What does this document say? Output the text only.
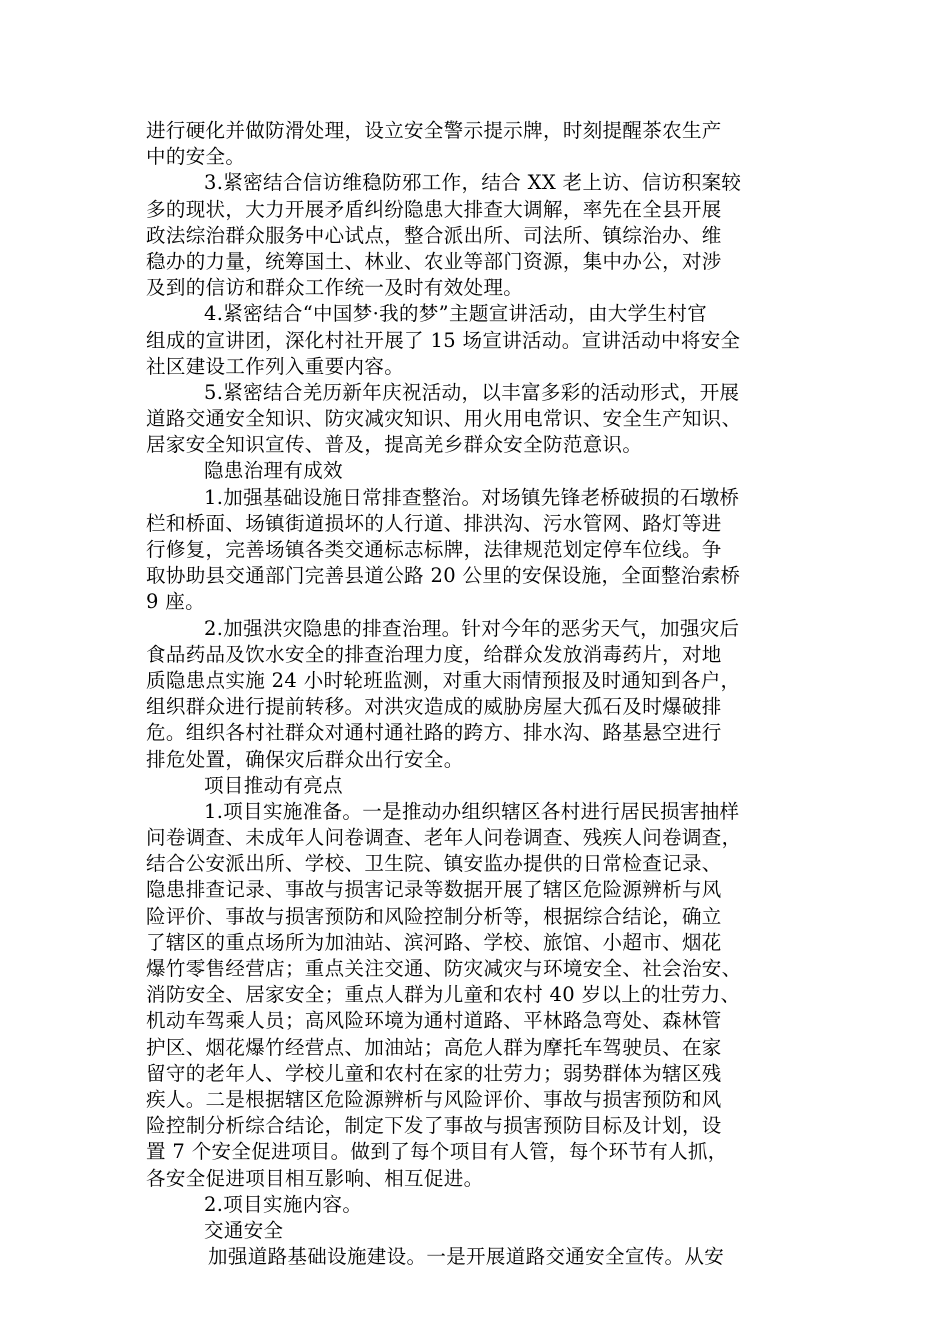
进行硬化并做防滑处理，设立安全警示提示牌，时刻提醒茶农生产
中的安全。
3.紧密结合信访维稳防邪工作，结合 XX 老上访、信访积案较
多的现状，大力开展矛盾纠纷隐患大排查大调解，率先在全县开展
政法综治群众服务中心试点，整合派出所、司法所、镇综治办、维
稳办的力量，统筹国土、林业、农业等部门资源，集中办公，对涉
及到的信访和群众工作统一及时有效处理。
4.紧密结合“中国梦·我的梦”主题宣讲活动，由大学生村官
组成的宣讲团，深化村社开展了 15 场宣讲活动。宣讲活动中将安全
社区建设工作列入重要内容。
5.紧密结合羌历新年庆祝活动，以丰富多彩的活动形式，开展
道路交通安全知识、防灾减灾知识、用火用电常识、安全生产知识、
居家安全知识宣传、普及，提高羌乡群众安全防范意识。
隐患治理有成效
1.加强基础设施日常排查整治。对场镇先锋老桥破损的石墩桥
栏和桥面、场镇街道损坏的人行道、排洪沟、污水管网、路灯等进
行修复，完善场镇各类交通标志标牌，法律规范划定停车位线。争
取协助县交通部门完善县道公路 20 公里的安保设施，全面整治索桥
9 座。
2.加强洪灾隐患的排查治理。针对今年的恶劣天气，加强灾后
食品药品及饮水安全的排查治理力度，给群众发放消毒药片，对地
质隐患点实施 24 小时轮班监测，对重大雨情预报及时通知到各户，
组织群众进行提前转移。对洪灾造成的威胁房屋大孤石及时爆破排
危。组织各村社群众对通村通社路的跨方、排水沟、路基悬空进行
排危处置，确保灾后群众出行安全。
项目推动有亮点
1.项目实施准备。一是推动办组织辖区各村进行居民损害抽样
问卷调查、未成年人问卷调查、老年人问卷调查、残疾人问卷调查，
结合公安派出所、学校、卫生院、镇安监办提供的日常检查记录、
隐患排查记录、事故与损害记录等数据开展了辖区危险源辨析与风
险评价、事故与损害预防和风险控制分析等，根据综合结论，确立
了辖区的重点场所为加油站、滨河路、学校、旅馆、小超市、烟花
爆竹零售经营店；重点关注交通、防灾减灾与环境安全、社会治安、
消防安全、居家安全；重点人群为儿童和农村 40 岁以上的壮劳力、
机动车驾乘人员；高风险环境为通村道路、平林路急弯处、森林管
护区、烟花爆竹经营点、加油站；高危人群为摩托车驾驶员、在家
留守的老年人、学校儿童和农村在家的壮劳力；弱势群体为辖区残
疾人。二是根据辖区危险源辨析与风险评价、事故与损害预防和风
险控制分析综合结论，制定下发了事故与损害预防目标及计划，设
置 7 个安全促进项目。做到了每个项目有人管，每个环节有人抓，
各安全促进项目相互影响、相互促进。
2.项目实施内容。
交通安全
加强道路基础设施建设。一是开展道路交通安全宣传。从安
